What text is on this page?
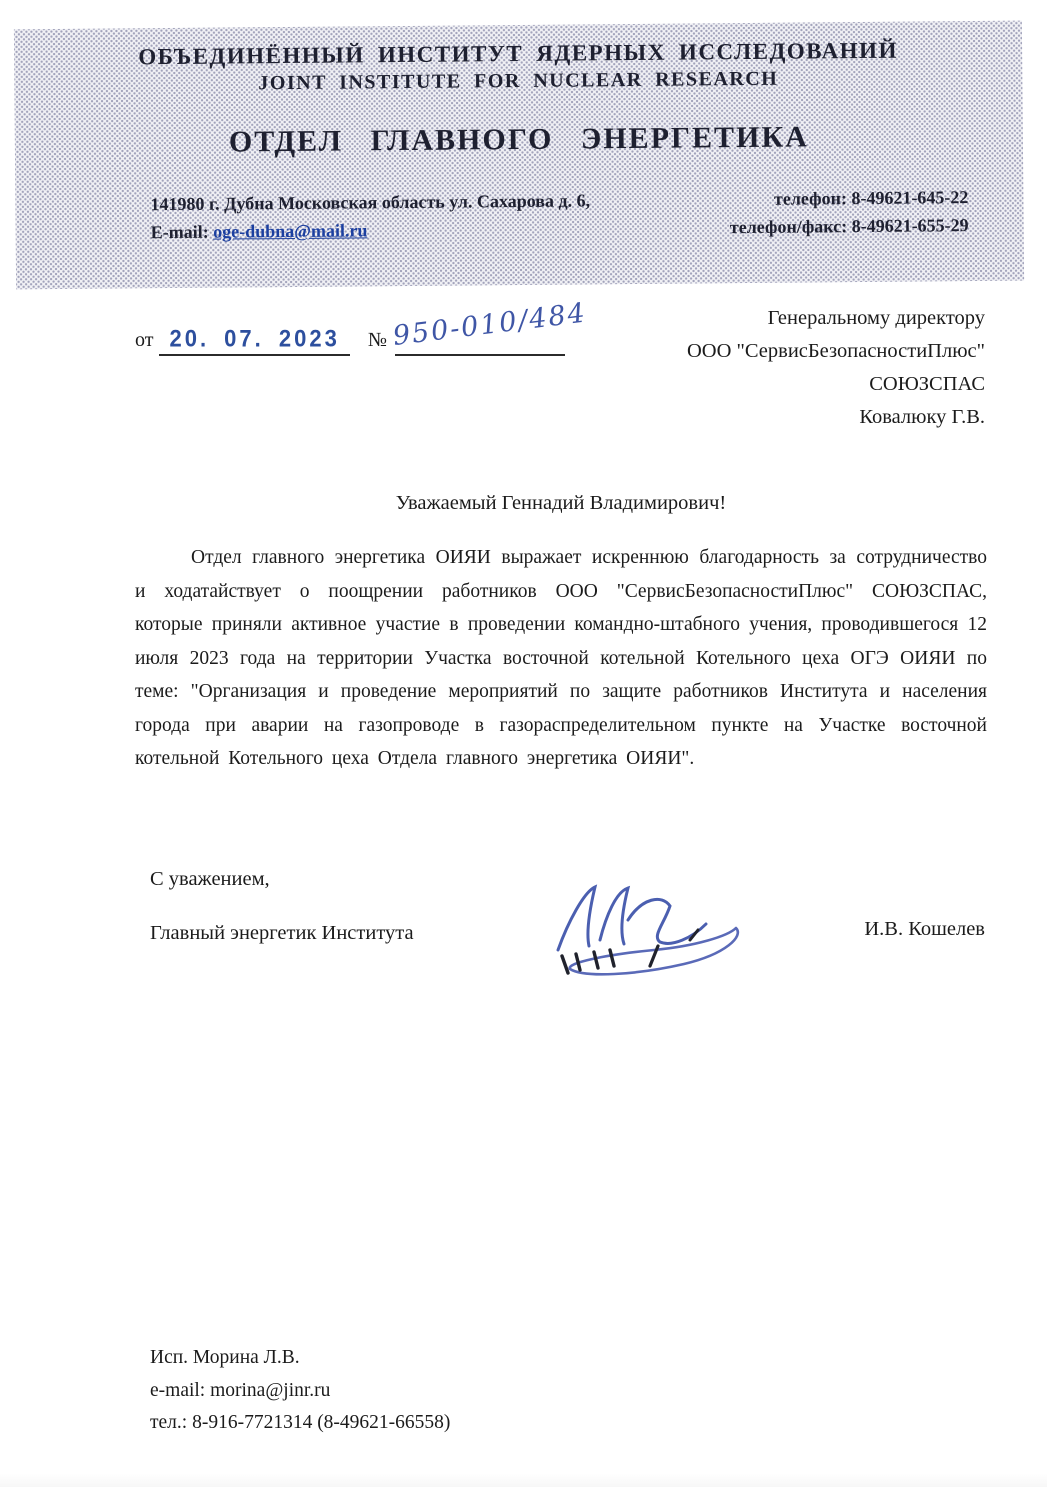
ОБЪЕДИНЁННЫЙ ИНСТИТУТ ЯДЕРНЫХ ИССЛЕДОВАНИЙ
JOINT INSTITUTE FOR NUCLEAR RESEARCH
ОТДЕЛ ГЛАВНОГО ЭНЕРГЕТИКА
141980 г. Дубна Московская область ул. Сахарова д. 6,	телефон: 8-49621-645-22
E-mail: oge-dubna@mail.ru	телефон/факс: 8-49621-655-29
от 20. 07. 2023 № 950-010/484	Генеральному директору
ООО "СервисБезопасностиПлюс"
СОЮЗСПАС
Ковалюку Г.В.
Уважаемый Геннадий Владимирович!
Отдел главного энергетика ОИЯИ выражает искреннюю благодарность за сотрудничество и ходатайствует о поощрении работников ООО "СервисБезопасностиПлюс" СОЮЗСПАС, которые приняли активное участие в проведении командно-штабного учения, проводившегося 12 июля 2023 года на территории Участка восточной котельной Котельного цеха ОГЭ ОИЯИ по теме: "Организация и проведение мероприятий по защите работников Института и населения города при аварии на газопроводе в газораспределительном пункте на Участке восточной котельной Котельного цеха Отдела главного энергетика ОИЯИ".
С уважением,
Главный энергетик Института	И.В. Кошелев
Исп. Морина Л.В.
e-mail: morina@jinr.ru
тел.: 8-916-7721314 (8-49621-66558)
